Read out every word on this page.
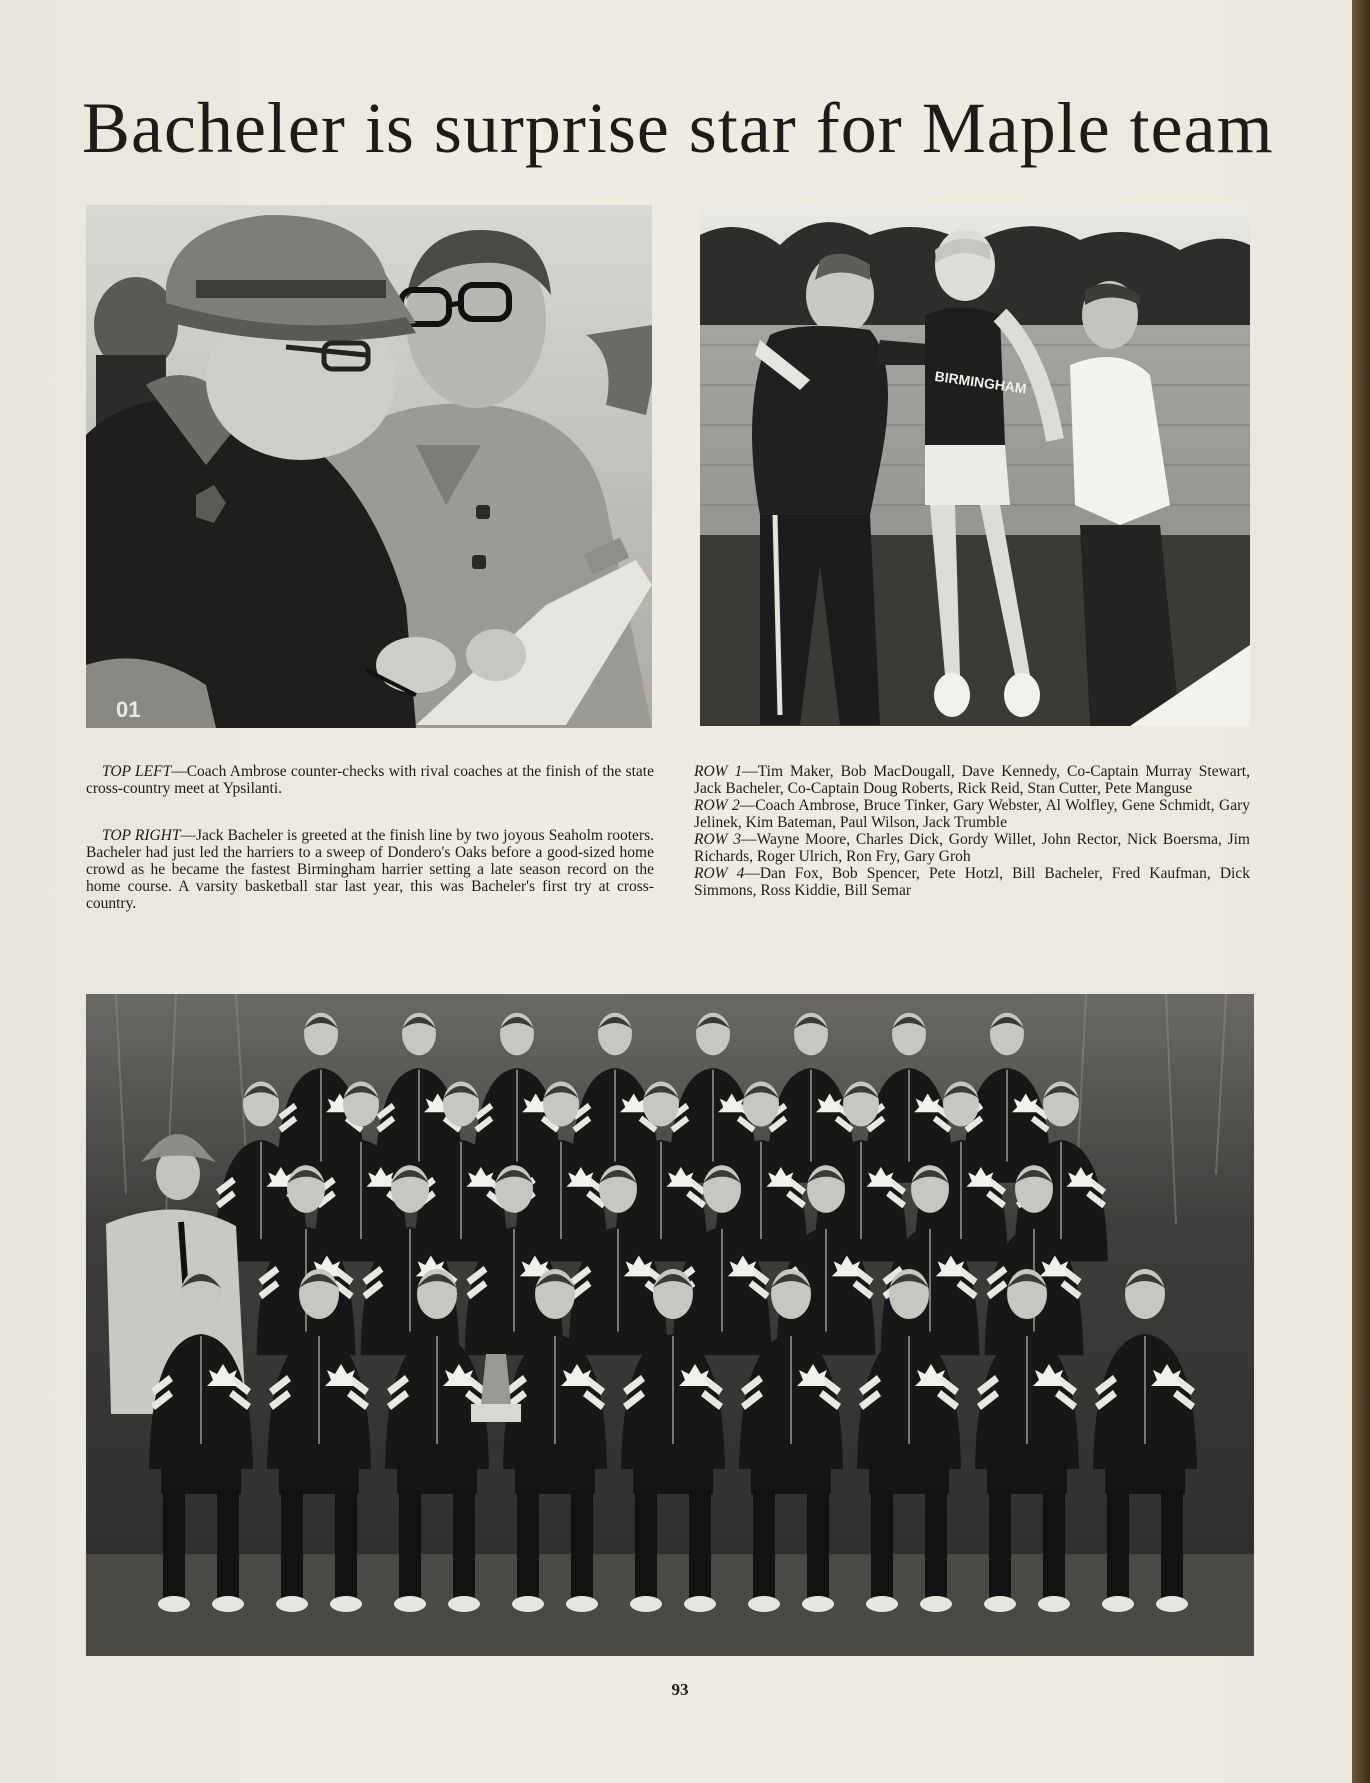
Bacheler is surprise star for Maple team
01
BIRMINGHAM

TOP LEFT—Coach Ambrose counter-checks with rival coaches at the finish of the state cross-country meet at Ypsilanti.

TOP RIGHT—Jack Bacheler is greeted at the finish line by two joyous Seaholm rooters. Bacheler had just led the harriers to a sweep of Dondero's Oaks before a good-sized home crowd as he became the fastest Birmingham harrier setting a late season record on the home course. A varsity basketball star last year, this was Bacheler's first try at cross-country.

ROW 1—Tim Maker, Bob MacDougall, Dave Kennedy, Co-Captain Murray Stewart, Jack Bacheler, Co-Captain Doug Roberts, Rick Reid, Stan Cutter, Pete Manguse

ROW 2—Coach Ambrose, Bruce Tinker, Gary Webster, Al Wolfley, Gene Schmidt, Gary Jelinek, Kim Bateman, Paul Wilson, Jack Trumble

ROW 3—Wayne Moore, Charles Dick, Gordy Willet, John Rector, Nick Boersma, Jim Richards, Roger Ulrich, Ron Fry, Gary Groh

ROW 4—Dan Fox, Bob Spencer, Pete Hotzl, Bill Bacheler, Fred Kaufman, Dick Simmons, Ross Kiddie, Bill Semar

93
